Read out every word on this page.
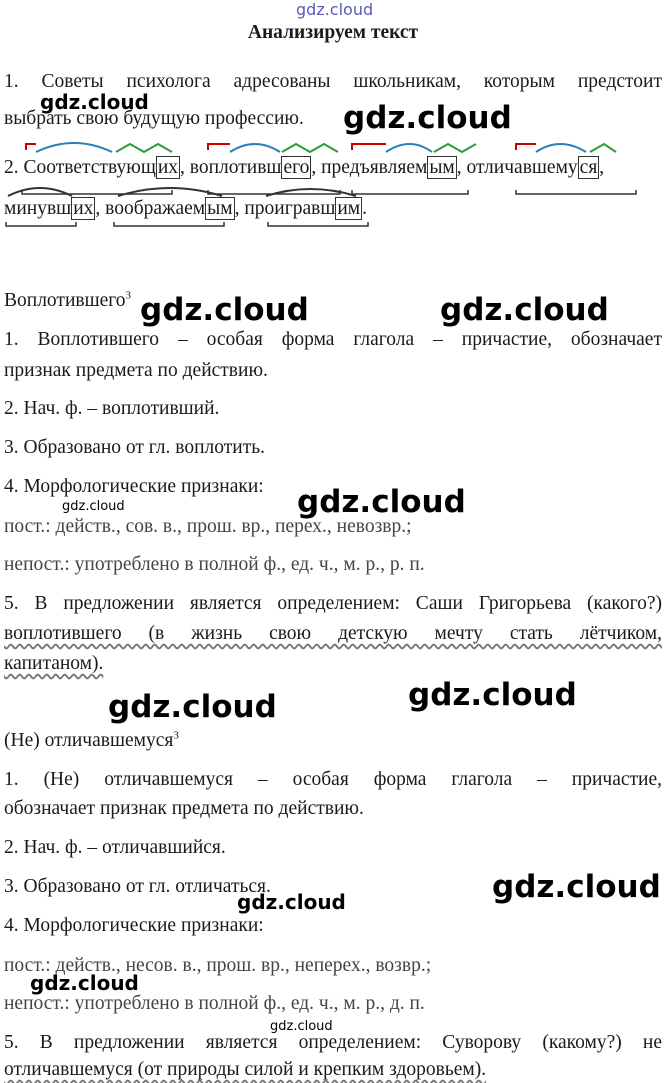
gdz.cloud
Анализируем текст
1. Советы психолога адресованы школьникам, которым предстоит
выбрать свою будущую профессию.
2. Соответствующ их , воплотивш его , предъявляем ым , отличавшему ся ,
минувш их , воображаем ым , проигравш им .
Воплотившего$^3$
1. Воплотившего – особая форма глагола – причастие, обозначает
признак предмета по действию.
2. Нач. ф. – воплотивший.
3. Образовано от гл. воплотить.
4. Морфологические признаки:
пост.: действ., сов. в., прош. вр., перех., невозвр.;
непост.: употреблено в полной ф., ед. ч., м. р., р. п.
5. В предложении является определением: Саши Григорьева (какого?)
воплотившего (в жизнь свою детскую мечту стать лётчиком,
капитаном).
(Не) отличавшемуся$^3$
1. (Не) отличавшемуся – особая форма глагола – причастие,
обозначает признак предмета по действию.
2. Нач. ф. – отличавшийся.
3. Образовано от гл. отличаться.
4. Морфологические признаки:
пост.: действ., несов. в., прош. вр., неперех., возвр.;
непост.: употреблено в полной ф., ед. ч., м. р., д. п.
5. В предложении является определением: Суворову (какому?) не
отличавшемуся (от природы силой и крепким здоровьем).
gdz.cloud	gdz.cloud
gdz.cloud	gdz.cloud
gdz.cloud
gdz.cloud
gdz.cloud
gdz.cloud
gdz.cloud
gdz.cloud
gdz.cloud
gdz.cloud
